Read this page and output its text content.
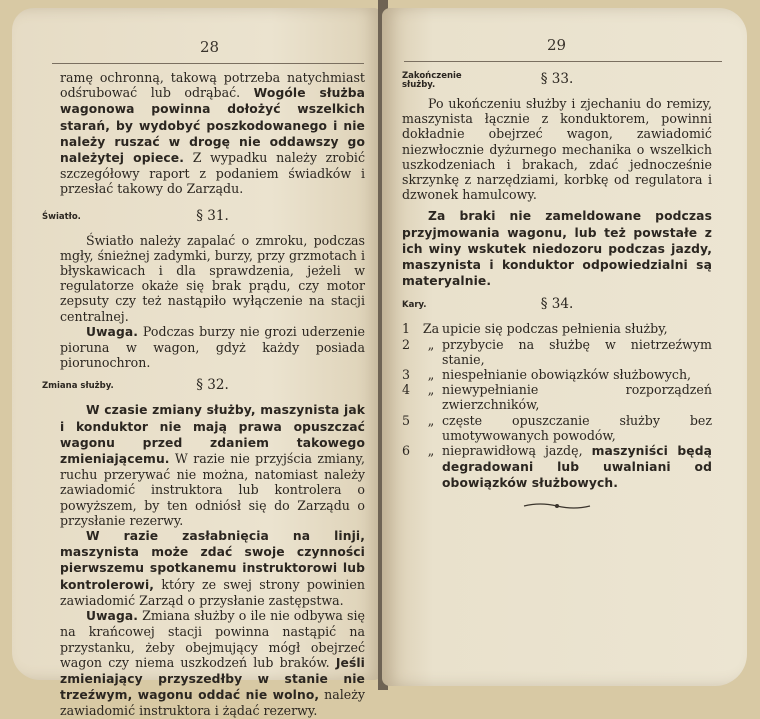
28

ramę ochronną, takową potrzeba natychmiast odśrubować lub odrąbać. Wogóle służba wagonowa powinna dołożyć wszelkich starań, by wydobyć poszkodowanego i nie należy ruszać w drogę nie oddawszy go należytej opiece. Z wypadku należy zrobić szczegółowy raport z podaniem świadków i przesłać takowy do Zarządu.

Światło.	§ 31.

Światło należy zapalać o zmroku, podczas mgły, śnieżnej zadymki, burzy, przy grzmotach i błyskawicach i dla sprawdzenia, jeżeli w regulatorze okaże się brak prądu, czy motor zepsuty czy też nastąpiło wyłączenie na stacji centralnej.

Uwaga. Podczas burzy nie grozi uderzenie pioruna w wagon, gdyż każdy posiada piorunochron.

Zmiana służby.	§ 32.

W czasie zmiany służby, maszynista jak i konduktor nie mają prawa opuszczać wagonu przed zdaniem takowego zmieniającemu. W razie nie przyjścia zmiany, ruchu przerywać nie można, natomiast należy zawiadomić instruktora lub kontrolera o powyższem, by ten odniósł się do Zarządu o przysłanie rezerwy.

W razie zasłabnięcia na linji, maszynista może zdać swoje czynności pierwszemu spotkanemu instruktorowi lub kontrolerowi, który ze swej strony powinien zawiadomić Zarząd o przysłanie zastępstwa.

Uwaga. Zmiana służby o ile nie odbywa się na krańcowej stacji powinna nastąpić na przystanku, żeby obejmujący mógł obejrzeć wagon czy niema uszkodzeń lub braków. Jeśli zmieniający przyszedłby w stanie nie trzeźwym, wagonu oddać nie wolno, należy zawiadomić instruktora i żądać rezerwy.

29
Zakończenie służby.	§ 33.

Po ukończeniu służby i zjechaniu do remizy, maszynista łącznie z konduktorem, powinni dokładnie obejrzeć wagon, zawiadomić niezwłocznie dyżurnego mechanika o wszelkich uszkodzeniach i brakach, zdać jednocześnie skrzynkę z narzędziami, korbkę od regulatora i dzwonek hamulcowy.

Za braki nie zameldowane podczas przyjmowania wagonu, lub też powstałe z ich winy wskutek niedozoru podczas jazdy, maszynista i konduktor odpowiedzialni są materyalnie.

Kary.	§ 34.
1	Za upicie się podczas pełnienia służby,
2	„ przybycie na służbę w nietrzeźwym stanie,
3	„ niespełnianie obowiązków służbowych,
4	„ niewypełnianie rozporządzeń zwierzchników,
5	„ częste opuszczanie służby bez umotywowanych powodów,
6	„ nieprawidłową jazdę, maszyniści będą degradowani lub uwalniani od obowiązków służbowych.
